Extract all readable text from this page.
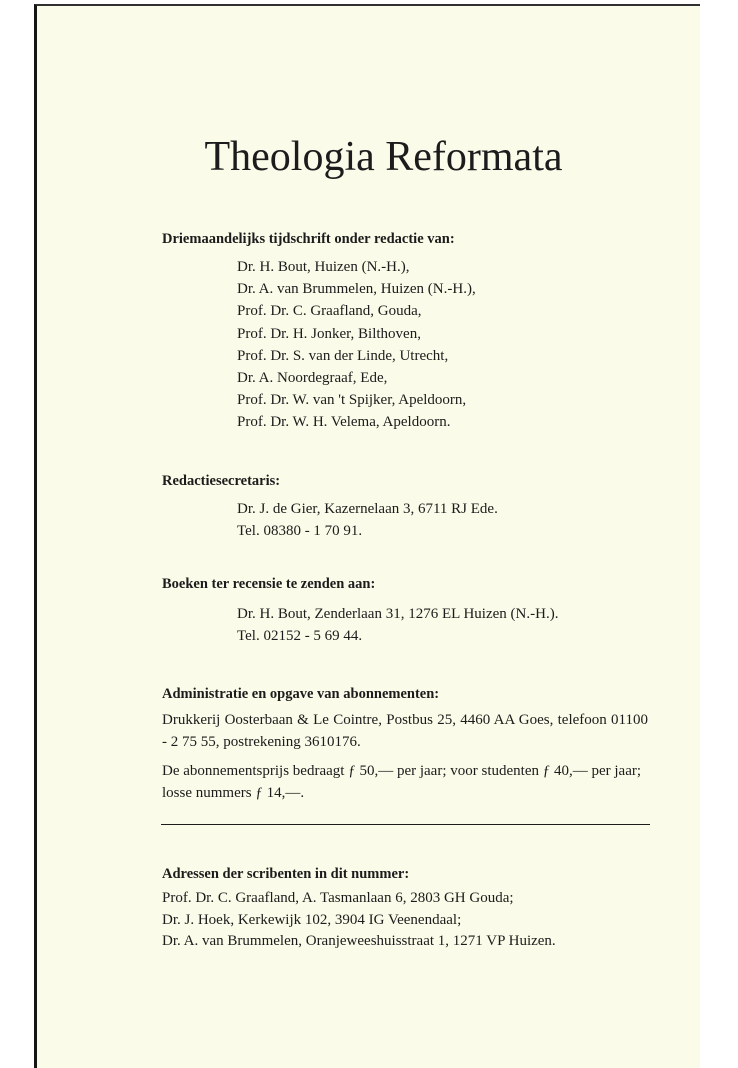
Theologia Reformata
Driemaandelijks tijdschrift onder redactie van:
Dr. H. Bout, Huizen (N.-H.),
Dr. A. van Brummelen, Huizen (N.-H.),
Prof. Dr. C. Graafland, Gouda,
Prof. Dr. H. Jonker, Bilthoven,
Prof. Dr. S. van der Linde, Utrecht,
Dr. A. Noordegraaf, Ede,
Prof. Dr. W. van 't Spijker, Apeldoorn,
Prof. Dr. W. H. Velema, Apeldoorn.
Redactiesecretaris:
Dr. J. de Gier, Kazernelaan 3, 6711 RJ Ede.
Tel. 08380 - 1 70 91.
Boeken ter recensie te zenden aan:
Dr. H. Bout, Zenderlaan 31, 1276 EL Huizen (N.-H.).
Tel. 02152 - 5 69 44.
Administratie en opgave van abonnementen:

Drukkerij Oosterbaan & Le Cointre, Postbus 25, 4460 AA Goes, telefoon 01100 - 2 75 55, postrekening 3610176.

De abonnementsprijs bedraagt ƒ 50,— per jaar; voor studenten ƒ 40,— per jaar; losse nummers ƒ 14,—.

Adressen der scribenten in dit nummer:
Prof. Dr. C. Graafland, A. Tasmanlaan 6, 2803 GH Gouda;
Dr. J. Hoek, Kerkewijk 102, 3904 IG Veenendaal;
Dr. A. van Brummelen, Oranjeweeshuisstraat 1, 1271 VP Huizen.
